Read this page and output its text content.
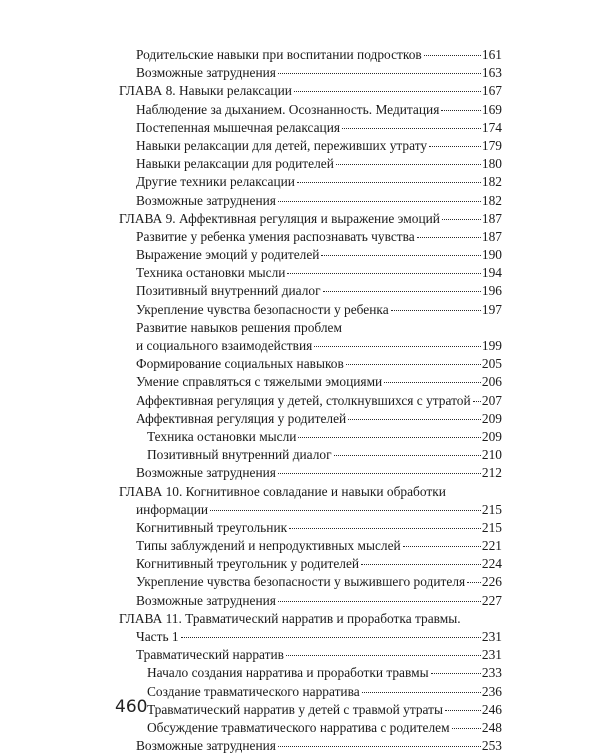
Родительские навыки при воспитании подростков	161
Возможные затруднения	163
ГЛАВА 8. Навыки релаксации	167
Наблюдение за дыханием. Осознанность. Медитация	169
Постепенная мышечная релаксация	174
Навыки релаксации для детей, переживших утрату	179
Навыки релаксации для родителей	180
Другие техники релаксации	182
Возможные затруднения	182
ГЛАВА 9. Аффективная регуляция и выражение эмоций	187
Развитие у ребенка умения распознавать чувства	187
Выражение эмоций у родителей	190
Техника остановки мысли	194
Позитивный внутренний диалог	196
Укрепление чувства безопасности у ребенка	197
Развитие навыков решения проблем
и социального взаимодействия	199
Формирование социальных навыков	205
Умение справляться с тяжелыми эмоциями	206
Аффективная регуляция у детей, столкнувшихся с утратой 207
Аффективная регуляция у родителей	209
Техника остановки мысли	209
Позитивный внутренний диалог	210
Возможные затруднения	212
ГЛАВА 10. Когнитивное совладание и навыки обработки
информации	215
Когнитивный треугольник	215
Типы заблуждений и непродуктивных мыслей	221
Когнитивный треугольник у родителей	224
Укрепление чувства безопасности у выжившего родителя 226
Возможные затруднения	227
ГЛАВА 11. Травматический нарратив и проработка травмы.
Часть 1	231
Травматический нарратив	231
Начало создания нарратива и проработки травмы	233
Создание травматического нарратива	236
Травматический нарратив у детей с травмой утраты	246
Обсуждение травматического нарратива с родителем 248
Возможные затруднения	253
460
